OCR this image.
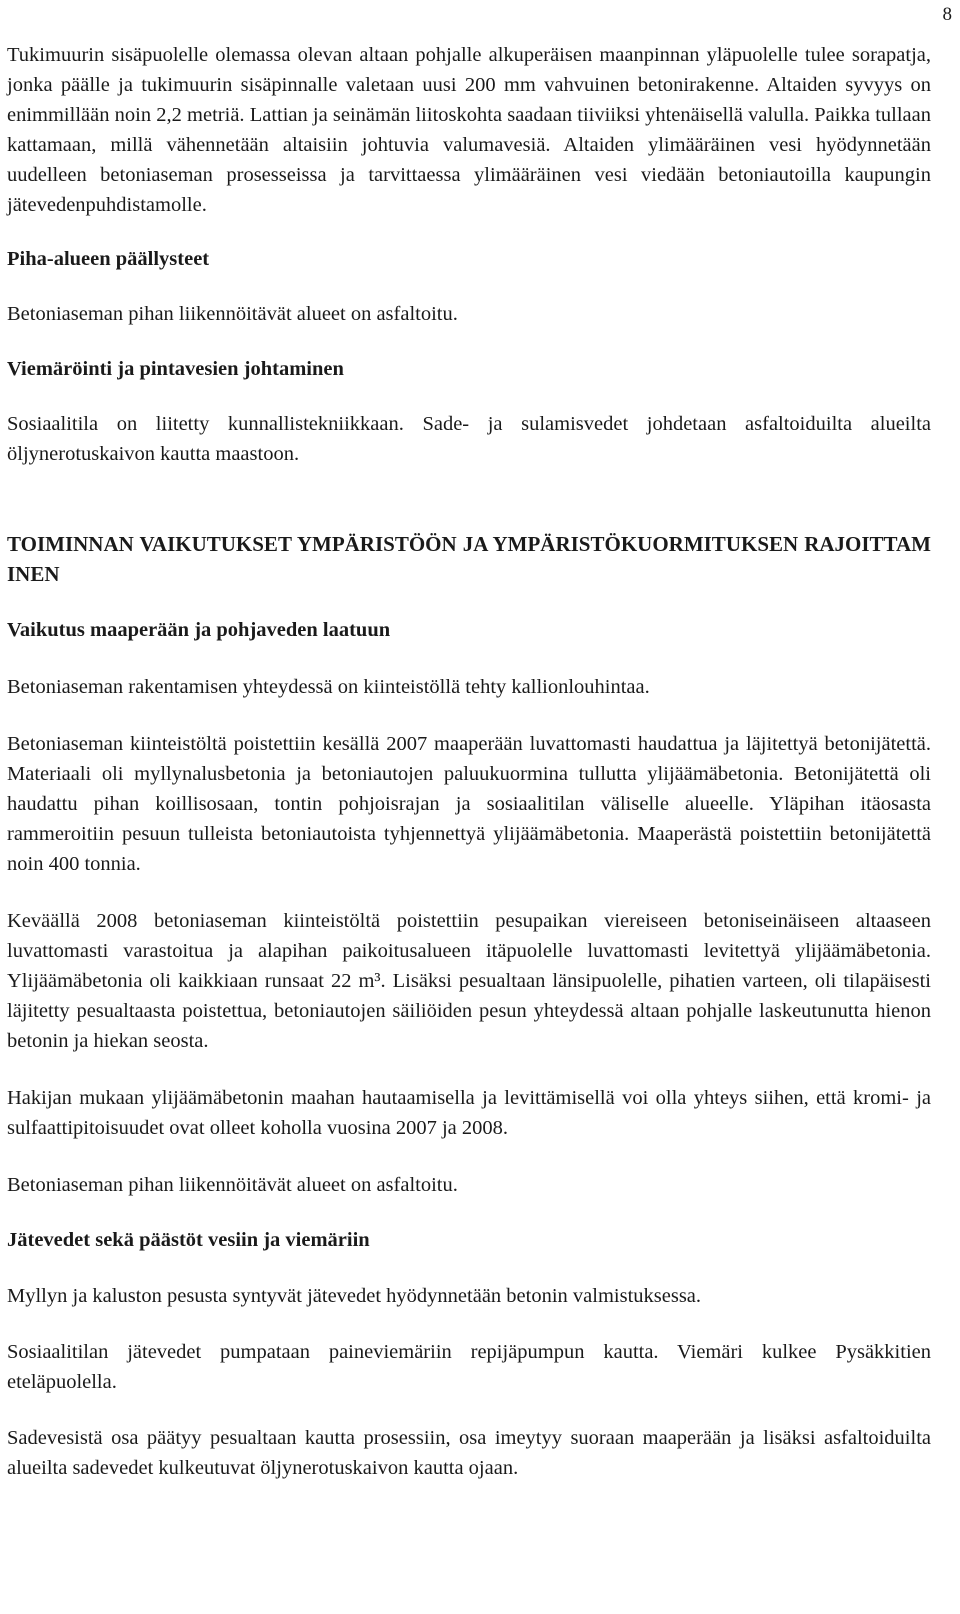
8

Tukimuurin sisäpuolelle olemassa olevan altaan pohjalle alkuperäisen maanpinnan yläpuolelle tulee sorapatja, jonka päälle ja tukimuurin sisäpinnalle valetaan uusi 200 mm vahvuinen betonirakenne. Altaiden syvyys on enimmillään noin 2,2 metriä. Lattian ja seinämän liitoskohta saadaan tiiviiksi yhtenäisellä valulla. Paikka tullaan kattamaan, millä vähennetään altaisiin johtuvia valumavesiä. Altaiden ylimääräinen vesi hyödynnetään uudelleen betoniaseman prosesseissa ja tarvittaessa ylimääräinen vesi viedään betoniautoilla kaupungin jätevedenpuhdistamolle.

Piha-alueen päällysteet

Betoniaseman pihan liikennöitävät alueet on asfaltoitu.

Viemäröinti ja pintavesien johtaminen

Sosiaalitila on liitetty kunnallistekniikkaan. Sade- ja sulamisvedet johdetaan asfaltoiduilta alueilta öljynerotuskaivon kautta maastoon.

TOIMINNAN VAIKUTUKSET YMPÄRISTÖÖN JA YMPÄRISTÖKUORMITUKSEN RAJOITTAMINEN
Vaikutus maaperään ja pohjaveden laatuun

Betoniaseman rakentamisen yhteydessä on kiinteistöllä tehty kallionlouhintaa.

Betoniaseman kiinteistöltä poistettiin kesällä 2007 maaperään luvattomasti haudattua ja läjitettyä betonijätettä. Materiaali oli myllynalusbetonia ja betoniautojen paluukuormina tullutta ylijäämäbetonia. Betonijätettä oli haudattu pihan koillisosaan, tontin pohjoisrajan ja sosiaalitilan väliselle alueelle. Yläpihan itäosasta rammeroitiin pesuun tulleista betoniautoista tyhjennettyä ylijäämäbetonia. Maaperästä poistettiin betonijätettä noin 400 tonnia.

Keväällä 2008 betoniaseman kiinteistöltä poistettiin pesupaikan viereiseen betoniseinäiseen altaaseen luvattomasti varastoitua ja alapihan paikoitusalueen itäpuolelle luvattomasti levitettyä ylijäämäbetonia. Ylijäämäbetonia oli kaikkiaan runsaat 22 m³. Lisäksi pesualtaan länsipuolelle, pihatien varteen, oli tilapäisesti läjitetty pesualtaasta poistettua, betoniautojen säiliöiden pesun yhteydessä altaan pohjalle laskeutunutta hienon betonin ja hiekan seosta.

Hakijan mukaan ylijäämäbetonin maahan hautaamisella ja levittämisellä voi olla yhteys siihen, että kromi- ja sulfaattipitoisuudet ovat olleet koholla vuosina 2007 ja 2008.

Betoniaseman pihan liikennöitävät alueet on asfaltoitu.

Jätevedet sekä päästöt vesiin ja viemäriin

Myllyn ja kaluston pesusta syntyvät jätevedet hyödynnetään betonin valmistuksessa.

Sosiaalitilan jätevedet pumpataan paineviemäriin repijäpumpun kautta. Viemäri kulkee Pysäkkitien eteläpuolella.

Sadevesistä osa päätyy pesualtaan kautta prosessiin, osa imeytyy suoraan maaperään ja lisäksi asfaltoiduilta alueilta sadevedet kulkeutuvat öljynerotuskaivon kautta ojaan.
